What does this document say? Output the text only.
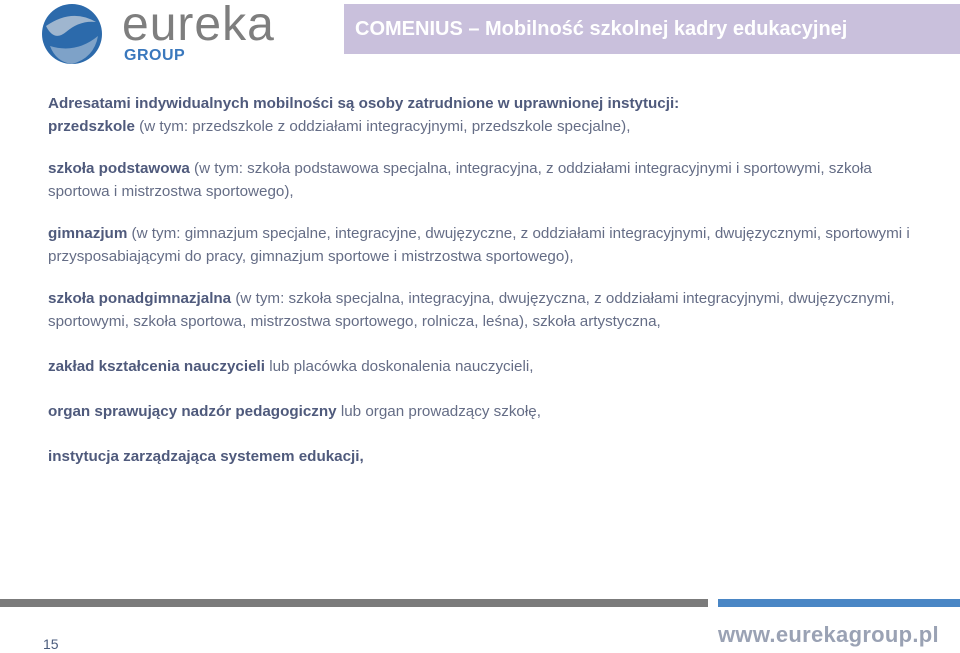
eureka
GROUP
COMENIUS – Mobilność szkolnej kadry edukacyjnej
Adresatami indywidualnych mobilności są osoby zatrudnione w uprawnionej instytucji:

przedszkole (w tym: przedszkole z oddziałami integracyjnymi, przedszkole specjalne),

szkoła podstawowa (w tym: szkoła podstawowa specjalna, integracyjna, z oddziałami integracyjnymi i sportowymi, szkoła sportowa i mistrzostwa sportowego),

gimnazjum (w tym: gimnazjum specjalne, integracyjne, dwujęzyczne, z oddziałami integracyjnymi, dwujęzycznymi, sportowymi i przysposabiającymi do pracy, gimnazjum sportowe i mistrzostwa sportowego),

szkoła ponadgimnazjalna (w tym: szkoła specjalna, integracyjna, dwujęzyczna, z oddziałami integracyjnymi, dwujęzycznymi, sportowymi, szkoła sportowa, mistrzostwa sportowego, rolnicza, leśna), szkoła artystyczna,

zakład kształcenia nauczycieli lub placówka doskonalenia nauczycieli,

organ sprawujący nadzór pedagogiczny lub organ prowadzący szkołę,

instytucja zarządzająca systemem edukacji,

15	www.eurekagroup.pl
